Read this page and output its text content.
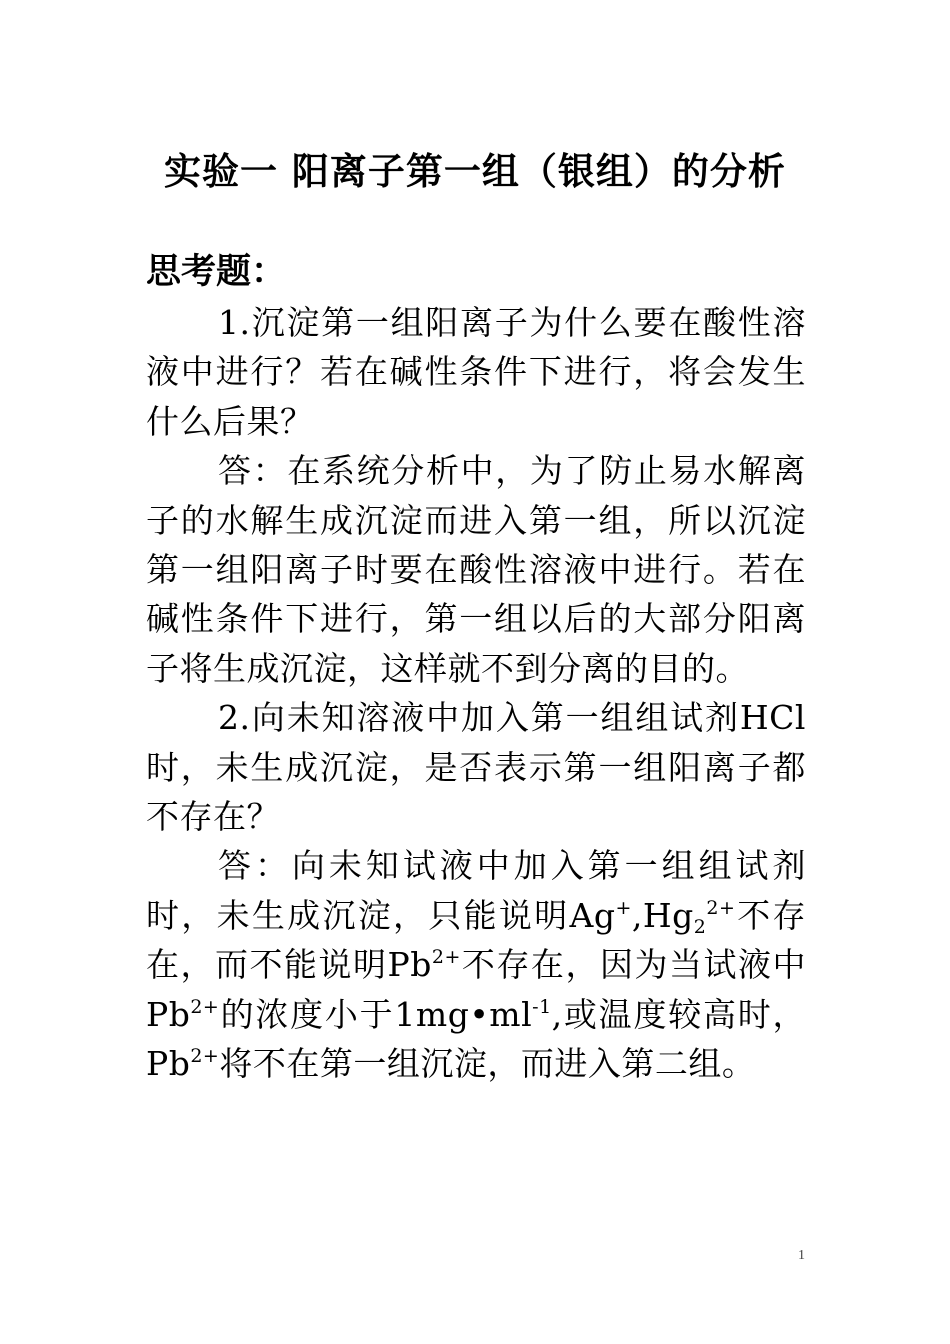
实验一 阳离子第一组（银组）的分析
思考题：

1.沉淀第一组阳离子为什么要在酸性溶液中进行？若在碱性条件下进行，将会发生什么后果？

答：在系统分析中，为了防止易水解离子的水解生成沉淀而进入第一组，所以沉淀第一组阳离子时要在酸性溶液中进行。若在碱性条件下进行，第一组以后的大部分阳离子将生成沉淀，这样就不到分离的目的。

2.向未知溶液中加入第一组组试剂HCl时，未生成沉淀，是否表示第一组阳离子都不存在？

答：向未知试液中加入第一组组试剂时，未生成沉淀，只能说明$Ag^+,Hg_2^{2+}$不存在，而不能说明$Pb^{2+}$不存在，因为当试液中$Pb^{2+}$的浓度小于$1mg•ml^{-1}$,或温度较高时，$Pb^{2+}$将不在第一组沉淀，而进入第二组。

1
